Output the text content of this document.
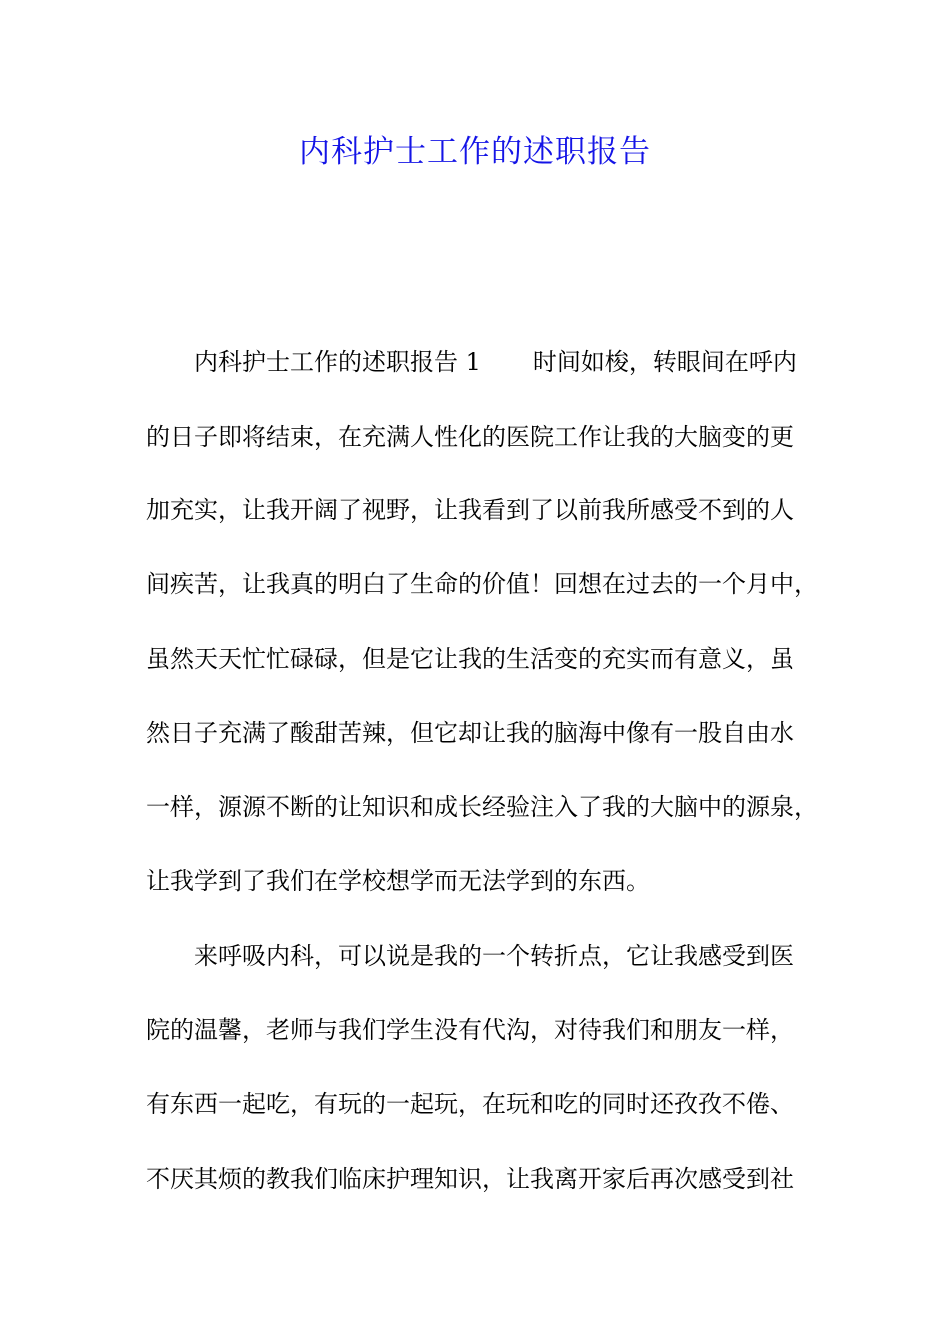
内科护士工作的述职报告

内科护士工作的述职报告 1 时间如梭，转眼间在呼内

的日子即将结束，在充满人性化的医院工作让我的大脑变的更

加充实，让我开阔了视野，让我看到了以前我所感受不到的人

间疾苦，让我真的明白了生命的价值！回想在过去的一个月中，

虽然天天忙忙碌碌，但是它让我的生活变的充实而有意义，虽

然日子充满了酸甜苦辣，但它却让我的脑海中像有一股自由水

一样，源源不断的让知识和成长经验注入了我的大脑中的源泉，

让我学到了我们在学校想学而无法学到的东西。

来呼吸内科，可以说是我的一个转折点，它让我感受到医

院的温馨，老师与我们学生没有代沟，对待我们和朋友一样，

有东西一起吃，有玩的一起玩，在玩和吃的同时还孜孜不倦、

不厌其烦的教我们临床护理知识，让我离开家后再次感受到社
